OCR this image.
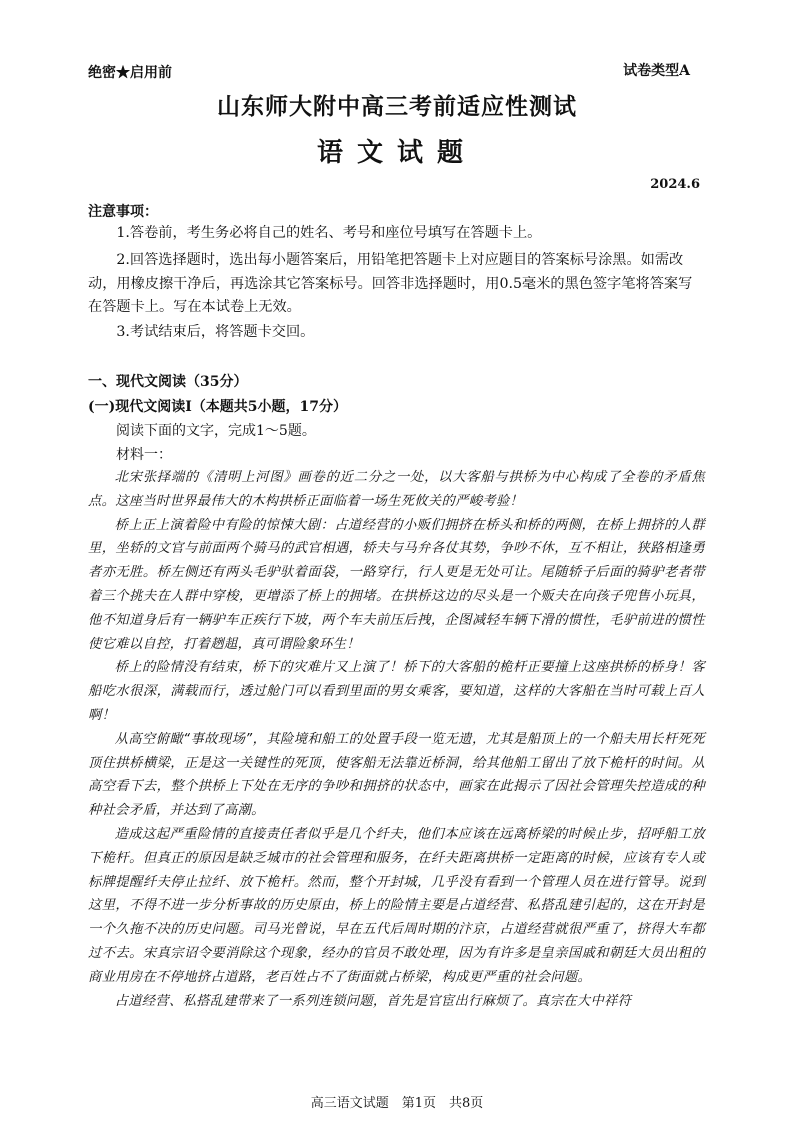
绝密★启用前	试卷类型A
山东师大附中高三考前适应性测试
语文试题
2024.6
注意事项：

1.答卷前，考生务必将自己的姓名、考号和座位号填写在答题卡上。

2.回答选择题时，选出每小题答案后，用铅笔把答题卡上对应题目的答案标号涂黑。如需改动，用橡皮擦干净后，再选涂其它答案标号。回答非选择题时，用0.5毫米的黑色签字笔将答案写在答题卡上。写在本试卷上无效。

3.考试结束后，将答题卡交回。

一、现代文阅读（35分）
(一)现代文阅读Ⅰ（本题共5小题，17分）
阅读下面的文字，完成1～5题。
材料一：

北宋张择端的《清明上河图》画卷的近二分之一处，以大客船与拱桥为中心构成了全卷的矛盾焦点。这座当时世界最伟大的木构拱桥正面临着一场生死攸关的严峻考验！

桥上正上演着险中有险的惊悚大剧：占道经营的小贩们拥挤在桥头和桥的两侧，在桥上拥挤的人群里，坐轿的文官与前面两个骑马的武官相遇，轿夫与马弁各仗其势，争吵不休，互不相让，狭路相逢勇者亦无胜。桥左侧还有两头毛驴驮着面袋，一路穿行，行人更是无处可让。尾随轿子后面的骑驴老者带着三个挑夫在人群中穿梭，更增添了桥上的拥堵。在拱桥这边的尽头是一个贩夫在向孩子兜售小玩具，他不知道身后有一辆驴车正疾行下坡，两个车夫前压后拽，企图减轻车辆下滑的惯性，毛驴前进的惯性使它难以自控，打着趔趄，真可谓险象环生！

桥上的险情没有结束，桥下的灾难片又上演了！桥下的大客船的桅杆正要撞上这座拱桥的桥身！客船吃水很深，满载而行，透过舱门可以看到里面的男女乘客，要知道，这样的大客船在当时可载上百人啊！

从高空俯瞰“事故现场”，其险境和船工的处置手段一览无遗，尤其是船顶上的一个船夫用长杆死死顶住拱桥横梁，正是这一关键性的死顶，使客船无法靠近桥洞，给其他船工留出了放下桅杆的时间。从高空看下去，整个拱桥上下处在无序的争吵和拥挤的状态中，画家在此揭示了因社会管理失控造成的种种社会矛盾，并达到了高潮。

造成这起严重险情的直接责任者似乎是几个纤夫，他们本应该在远离桥梁的时候止步，招呼船工放下桅杆。但真正的原因是缺乏城市的社会管理和服务，在纤夫距离拱桥一定距离的时候，应该有专人或标牌提醒纤夫停止拉纤、放下桅杆。然而，整个开封城，几乎没有看到一个管理人员在进行管导。说到这里，不得不进一步分析事故的历史原由，桥上的险情主要是占道经营、私搭乱建引起的，这在开封是一个久拖不决的历史问题。司马光曾说，早在五代后周时期的汴京，占道经营就很严重了，挤得大车都过不去。宋真宗诏令要消除这个现象，经办的官员不敢处理，因为有许多是皇亲国戚和朝廷大员出租的商业用房在不停地挤占道路，老百姓占不了街面就占桥梁，构成更严重的社会问题。

占道经营、私搭乱建带来了一系列连锁问题，首先是官宦出行麻烦了。真宗在大中祥符

高三语文试题　第1页　共8页
